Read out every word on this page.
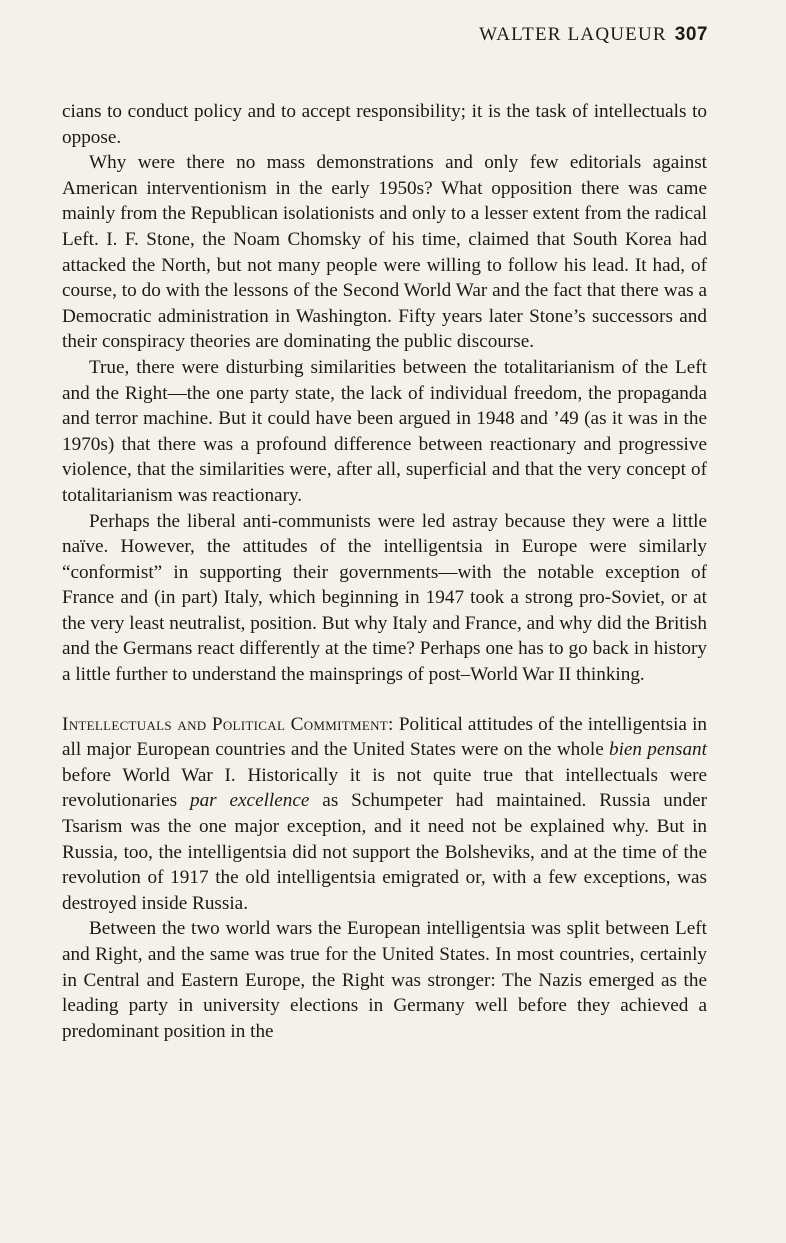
WALTER LAQUEUR 307

cians to conduct policy and to accept responsibility; it is the task of intellectuals to oppose.

Why were there no mass demonstrations and only few editorials against American interventionism in the early 1950s? What opposition there was came mainly from the Republican isolationists and only to a lesser extent from the radical Left. I. F. Stone, the Noam Chomsky of his time, claimed that South Korea had attacked the North, but not many people were willing to follow his lead. It had, of course, to do with the lessons of the Second World War and the fact that there was a Democratic administration in Washington. Fifty years later Stone’s successors and their conspiracy theories are dominating the public discourse.

True, there were disturbing similarities between the totalitarianism of the Left and the Right—the one party state, the lack of individual freedom, the propaganda and terror machine. But it could have been argued in 1948 and ’49 (as it was in the 1970s) that there was a profound difference between reactionary and progressive violence, that the similarities were, after all, superficial and that the very concept of totalitarianism was reactionary.

Perhaps the liberal anti-communists were led astray because they were a little naïve. However, the attitudes of the intelligentsia in Europe were similarly “conformist” in supporting their governments—with the notable exception of France and (in part) Italy, which beginning in 1947 took a strong pro-Soviet, or at the very least neutralist, position. But why Italy and France, and why did the British and the Germans react differently at the time? Perhaps one has to go back in history a little further to understand the mainsprings of post–World War II thinking.

Intellectuals and Political Commitment: Political attitudes of the intelligentsia in all major European countries and the United States were on the whole bien pensant before World War I. Historically it is not quite true that intellectuals were revolutionaries par excellence as Schumpeter had maintained. Russia under Tsarism was the one major exception, and it need not be explained why. But in Russia, too, the intelligentsia did not support the Bolsheviks, and at the time of the revolution of 1917 the old intelligentsia emigrated or, with a few exceptions, was destroyed inside Russia.

Between the two world wars the European intelligentsia was split between Left and Right, and the same was true for the United States. In most countries, certainly in Central and Eastern Europe, the Right was stronger: The Nazis emerged as the leading party in university elections in Germany well before they achieved a predominant position in the
